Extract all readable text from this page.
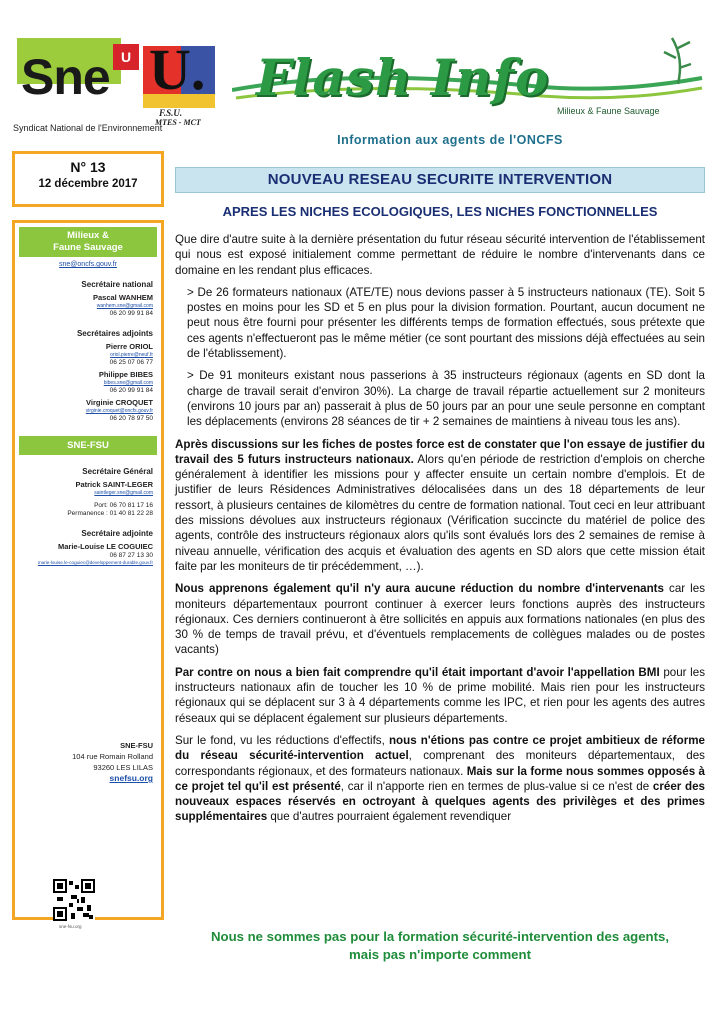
Sne U
Syndicat National de l'Environnement
U.
F.S.U.
MTES - MCT
Flash Info
Milieux & Faune Sauvage
Information aux agents de l'ONCFS
N° 13
12 décembre 2017
Milieux &
Faune Sauvage
sne@oncfs.gouv.fr
Secrétaire national
Pascal WANHEM
wanhem.sne@gmail.com
06 20 99 91 84
Secrétaires adjoints
Pierre ORIOL
oriol.pierre@neuf.fr
06 25 07 06 77
Philippe BIBES
bibes.sne@gmail.com
06 20 99 91 84
Virginie CROQUET
virginie.croquet@oncfs.gouv.fr
06 20 78 97 50
SNE-FSU
Secrétaire Général
Patrick SAINT-LEGER
saintleger.sne@gmail.com
Port: 06 70 81 17 16
Permanence : 01 40 81 22 28
Secrétaire adjointe
Marie-Louise LE COGUIEC
06 87 27 13 30
marie-louise.le-coguiec@developpement-durable.gouv.fr
SNE-FSU
104 rue Romain Rolland
93260 LES LILAS
snefsu.org
sne-fsu.org
NOUVEAU RESEAU SECURITE INTERVENTION
APRES LES NICHES ECOLOGIQUES, LES NICHES FONCTIONNELLES

Que dire d'autre suite à la dernière présentation du futur réseau sécurité intervention de l'établissement qui nous est exposé initialement comme permettant de réduire le nombre d'intervenants dans ce domaine en les rendant plus efficaces.

> De 26 formateurs nationaux (ATE/TE) nous devions passer à 5 instructeurs nationaux (TE). Soit 5 postes en moins pour les SD et 5 en plus pour la division formation. Pourtant, aucun document ne peut nous être fourni pour présenter les différents temps de formation effectués, sous prétexte que ces agents n'effectueront pas le même métier (ce sont pourtant des missions déjà effectuées au sein de l'établissement).

> De 91 moniteurs existant nous passerions à 35 instructeurs régionaux (agents en SD dont la charge de travail serait d'environ 30%). La charge de travail répartie actuellement sur 2 moniteurs (environs 10 jours par an) passerait à plus de 50 jours par an pour une seule personne en comptant les déplacements (environs 28 séances de tir + 2 semaines de maintiens à niveau tous les ans).

Après discussions sur les fiches de postes force est de constater que l'on essaye de justifier du travail des 5 futurs instructeurs nationaux. Alors qu'en période de restriction d'emplois on cherche généralement à identifier les missions pour y affecter ensuite un certain nombre d'emplois. Et de justifier de leurs Résidences Administratives délocalisées dans un des 18 départements de leur ressort, à plusieurs centaines de kilomètres du centre de formation national. Tout ceci en leur attribuant des missions dévolues aux instructeurs régionaux (Vérification succincte du matériel de police des agents, contrôle des instructeurs régionaux alors qu'ils sont évalués lors des 2 semaines de remise à niveau annuelle, vérification des acquis et évaluation des agents en SD alors que cette mission était faite par les moniteurs de tir précédemment, …).

Nous apprenons également qu'il n'y aura aucune réduction du nombre d'intervenants car les moniteurs départementaux pourront continuer à exercer leurs fonctions auprès des instructeurs régionaux. Ces derniers continueront à être sollicités en appuis aux formations nationales (en plus des 30 % de temps de travail prévu, et d'éventuels remplacements de collègues malades ou de postes vacants)

Par contre on nous a bien fait comprendre qu'il était important d'avoir l'appellation BMI pour les instructeurs nationaux afin de toucher les 10 % de prime mobilité. Mais rien pour les instructeurs régionaux qui se déplacent sur 3 à 4 départements comme les IPC, et rien pour les agents des autres réseaux qui se déplacent également sur plusieurs départements.

Sur le fond, vu les réductions d'effectifs, nous n'étions pas contre ce projet ambitieux de réforme du réseau sécurité-intervention actuel, comprenant des moniteurs départementaux, des correspondants régionaux, et des formateurs nationaux. Mais sur la forme nous sommes opposés à ce projet tel qu'il est présenté, car il n'apporte rien en termes de plus-value si ce n'est de créer des nouveaux espaces réservés en octroyant à quelques agents des privilèges et des primes supplémentaires que d'autres pourraient également revendiquer

Nous ne sommes pas pour la formation sécurité-intervention des agents,
mais pas n'importe comment
